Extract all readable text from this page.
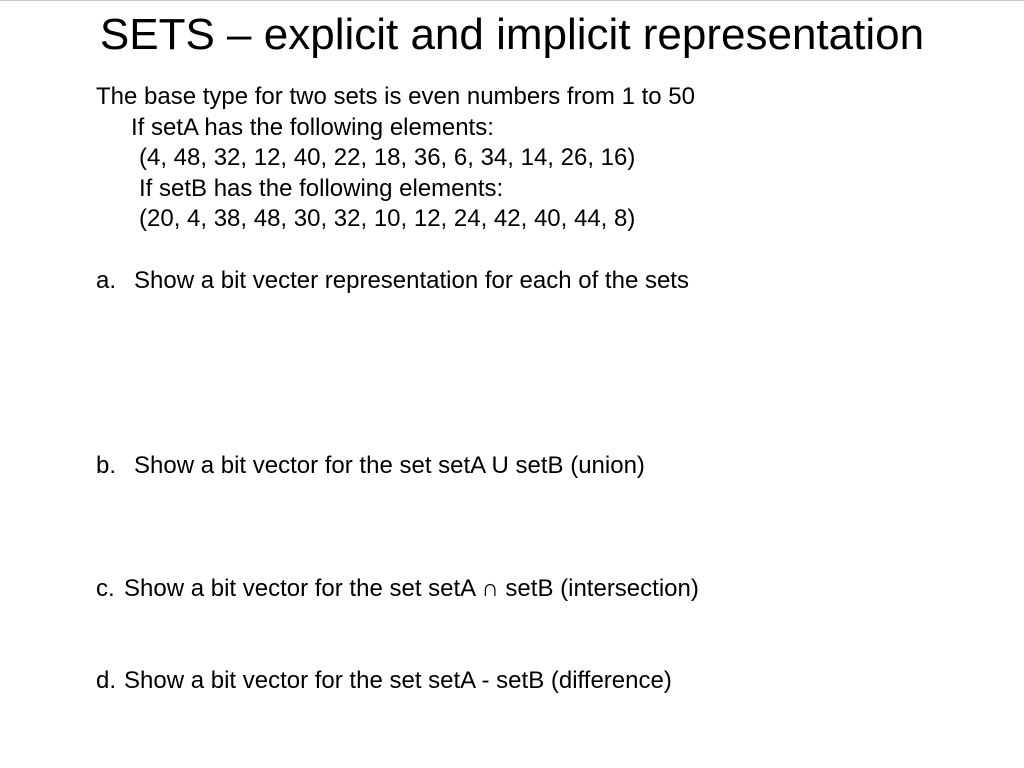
SETS – explicit and implicit representation
The base type for two sets is even numbers from 1 to 50
If setA has the following elements:
(4, 48, 32, 12, 40, 22, 18, 36, 6, 34, 14, 26, 16)
If setB has the following elements:
(20, 4, 38, 48, 30, 32, 10, 12, 24, 42, 40, 44, 8)
a. Show a bit vecter representation for each of the sets
b. Show a bit vector for the set setA U setB (union)
c. Show a bit vector for the set setA ∩ setB (intersection)
d. Show a bit vector for the set setA - setB (difference)
